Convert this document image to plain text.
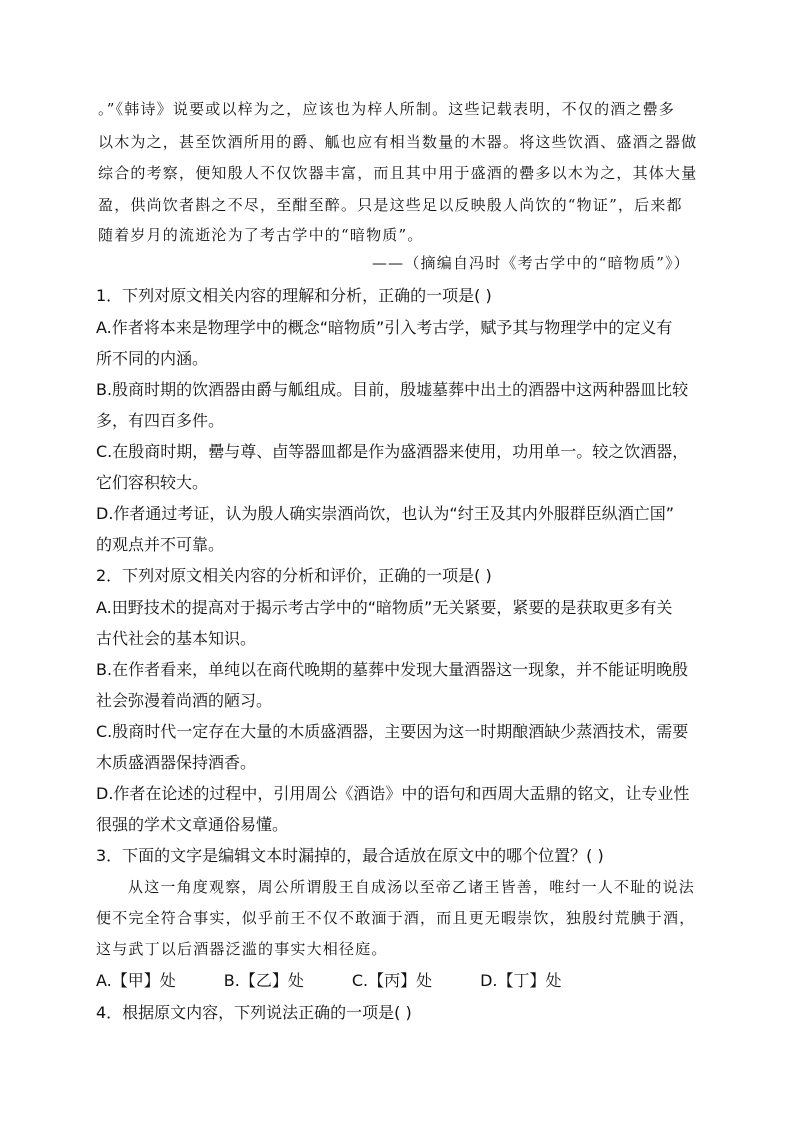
。”《韩诗》说要或以梓为之，应该也为梓人所制。这些记载表明，不仅的酒之罍多
以木为之，甚至饮酒所用的爵、觚也应有相当数量的木器。将这些饮酒、盛酒之器做
综合的考察，便知殷人不仅饮器丰富，而且其中用于盛酒的罍多以木为之，其体大量
盈，供尚饮者斟之不尽，至酣至醉。只是这些足以反映殷人尚饮的“物证”，后来都
随着岁月的流逝沦为了考古学中的“暗物质”。
——（摘编自冯时《考古学中的“暗物质”》）
1．下列对原文相关内容的理解和分析，正确的一项是( )
A.作者将本来是物理学中的概念“暗物质”引入考古学，赋予其与物理学中的定义有
所不同的内涵。
B.殷商时期的饮酒器由爵与觚组成。目前，殷墟墓葬中出土的酒器中这两种器皿比较
多，有四百多件。
C.在殷商时期，罍与尊、卣等器皿都是作为盛酒器来使用，功用单一。较之饮酒器，
它们容积较大。
D.作者通过考证，认为殷人确实崇酒尚饮，也认为“纣王及其内外服群臣纵酒亡国”
的观点并不可靠。
2．下列对原文相关内容的分析和评价，正确的一项是( )
A.田野技术的提高对于揭示考古学中的“暗物质”无关紧要，紧要的是获取更多有关
古代社会的基本知识。
B.在作者看来，单纯以在商代晚期的墓葬中发现大量酒器这一现象，并不能证明晚殷
社会弥漫着尚酒的陋习。
C.殷商时代一定存在大量的木质盛酒器，主要因为这一时期酿酒缺少蒸酒技术，需要
木质盛酒器保持酒香。
D.作者在论述的过程中，引用周公《酒诰》中的语句和西周大盂鼎的铭文，让专业性
很强的学术文章通俗易懂。
3．下面的文字是编辑文本时漏掉的，最合适放在原文中的哪个位置？( )
从这一角度观察，周公所谓殷王自成汤以至帝乙诸王皆善，唯纣一人不耻的说法
便不完全符合事实，似乎前王不仅不敢湎于酒，而且更无暇崇饮，独殷纣荒腆于酒，
这与武丁以后酒器泛滥的事实大相径庭。
A.【甲】处	B.【乙】处	C.【丙】处	D.【丁】处
4．根据原文内容，下列说法正确的一项是( )
